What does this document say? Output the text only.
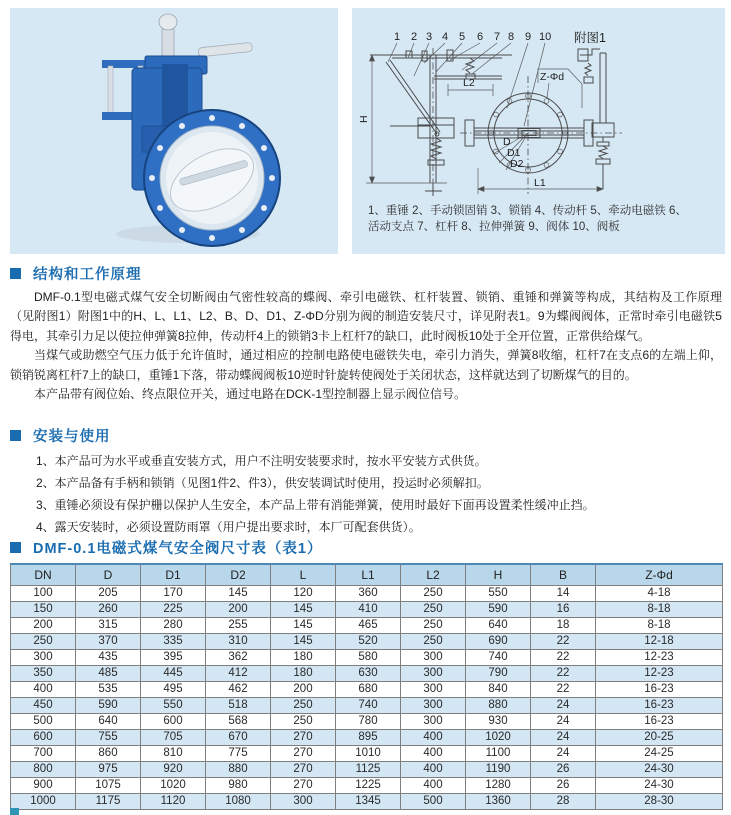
1 2 3 4 5 6 7 8 9 10 附图1
H
L2
D
D1
D2
Z-Φd
L1
1、重锤 2、手动锁固销 3、锁销 4、传动杆 5、牵动电磁铁 6、
活动支点 7、杠杆 8、拉伸弹簧 9、阀体 10、阀板
结构和工作原理

DMF-0.1型电磁式煤气安全切断阀由气密性较高的蝶阀、牵引电磁铁、杠杆装置、锁销、重锤和弹簧等构成，其结构及工作原理（见附图1）附图1中的H、L、L1、L2、B、D、D1、Z-ΦD分别为阀的制造安装尺寸，详见附表1。9为蝶阀阀体，正常时牵引电磁铁5得电，其牵引力足以使拉伸弹簧8拉伸，传动杆4上的锁销3卡上杠杆7的缺口，此时阀板10处于全开位置，正常供给煤气。

当煤气或助燃空气压力低于允许值时，通过相应的控制电路使电磁铁失电，牵引力消失，弹簧8收缩，杠杆7在支点6的左端上仰，锁销锐离杠杆7上的缺口，重锤1下落，带动蝶阀阀板10逆时针旋转使阀处于关闭状态，这样就达到了切断煤气的目的。

本产品带有阀位始、终点限位开关，通过电路在DCK-1型控制器上显示阀位信号。

安装与使用
1、本产品可为水平或垂直安装方式，用户不注明安装要求时，按水平安装方式供货。
2、本产品备有手柄和锁销（见图1件2、件3），供安装调试时使用，投运时必须解扣。
3、重锤必须设有保护栅以保护人生安全，本产品上带有消能弹簧，使用时最好下面再设置柔性缓冲止挡。
4、露天安装时，必须设置防雨罩（用户提出要求时，本厂可配套供货）。
DMF-0.1电磁式煤气安全阀尺寸表（表1）
DN	D	D1	D2	L	L1	L2	H	B	Z-Φd
100	205	170	145	120	360	250	550	14	4-18
150	260	225	200	145	410	250	590	16	8-18
200	315	280	255	145	465	250	640	18	8-18
250	370	335	310	145	520	250	690	22	12-18
300	435	395	362	180	580	300	740	22	12-23
350	485	445	412	180	630	300	790	22	12-23
400	535	495	462	200	680	300	840	22	16-23
450	590	550	518	250	740	300	880	24	16-23
500	640	600	568	250	780	300	930	24	16-23
600	755	705	670	270	895	400	1020	24	20-25
700	860	810	775	270	1010	400	1100	24	24-25
800	975	920	880	270	1125	400	1190	26	24-30
900	1075	1020	980	270	1225	400	1280	26	24-30
1000	1175	1120	1080	300	1345	500	1360	28	28-30
